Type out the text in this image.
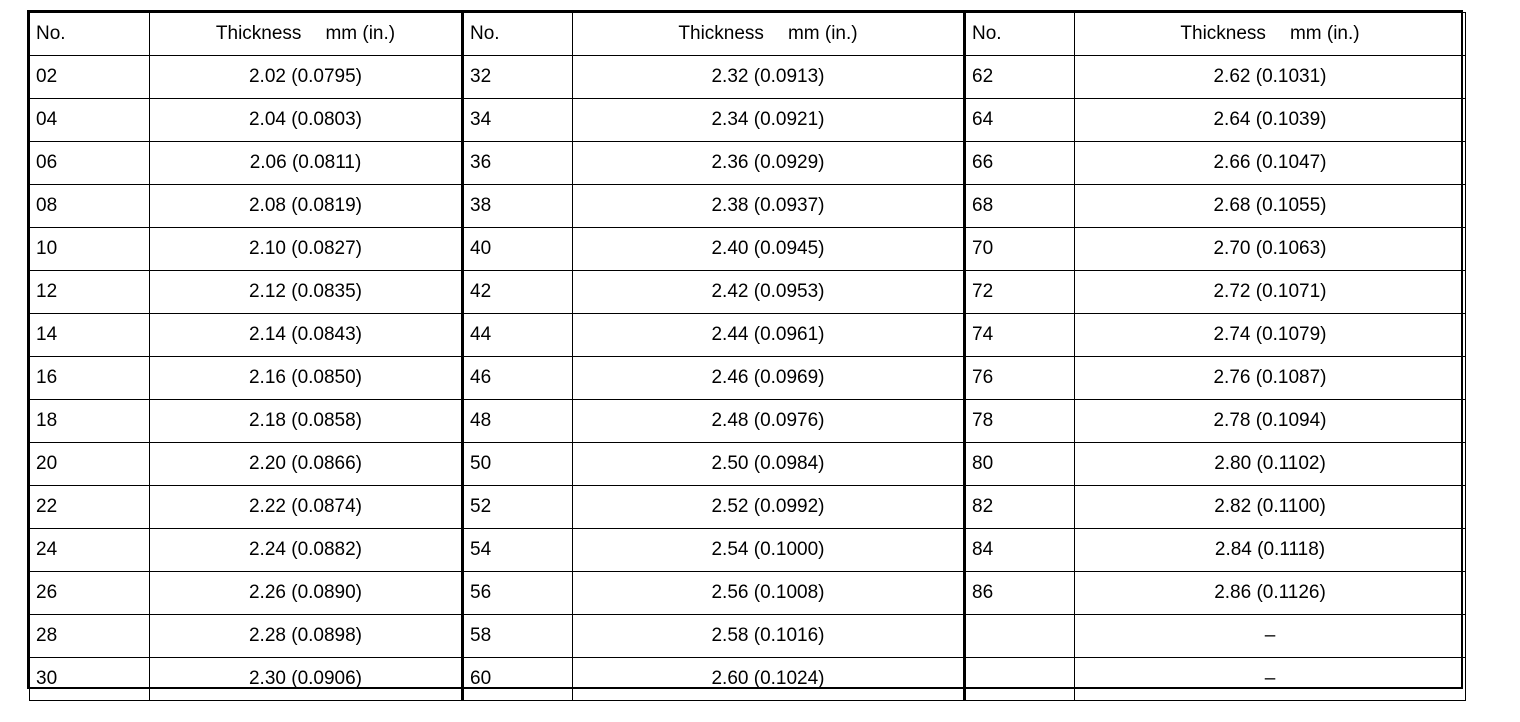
No.	Thickness mm (in.)	No.	Thickness mm (in.)	No.	Thickness mm (in.)
02	2.02 (0.0795)	32	2.32 (0.0913)	62	2.62 (0.1031)
04	2.04 (0.0803)	34	2.34 (0.0921)	64	2.64 (0.1039)
06	2.06 (0.0811)	36	2.36 (0.0929)	66	2.66 (0.1047)
08	2.08 (0.0819)	38	2.38 (0.0937)	68	2.68 (0.1055)
10	2.10 (0.0827)	40	2.40 (0.0945)	70	2.70 (0.1063)
12	2.12 (0.0835)	42	2.42 (0.0953)	72	2.72 (0.1071)
14	2.14 (0.0843)	44	2.44 (0.0961)	74	2.74 (0.1079)
16	2.16 (0.0850)	46	2.46 (0.0969)	76	2.76 (0.1087)
18	2.18 (0.0858)	48	2.48 (0.0976)	78	2.78 (0.1094)
20	2.20 (0.0866)	50	2.50 (0.0984)	80	2.80 (0.1102)
22	2.22 (0.0874)	52	2.52 (0.0992)	82	2.82 (0.1100)
24	2.24 (0.0882)	54	2.54 (0.1000)	84	2.84 (0.1118)
26	2.26 (0.0890)	56	2.56 (0.1008)	86	2.86 (0.1126)
28	2.28 (0.0898)	58	2.58 (0.1016)		–
30	2.30 (0.0906)	60	2.60 (0.1024)		–
